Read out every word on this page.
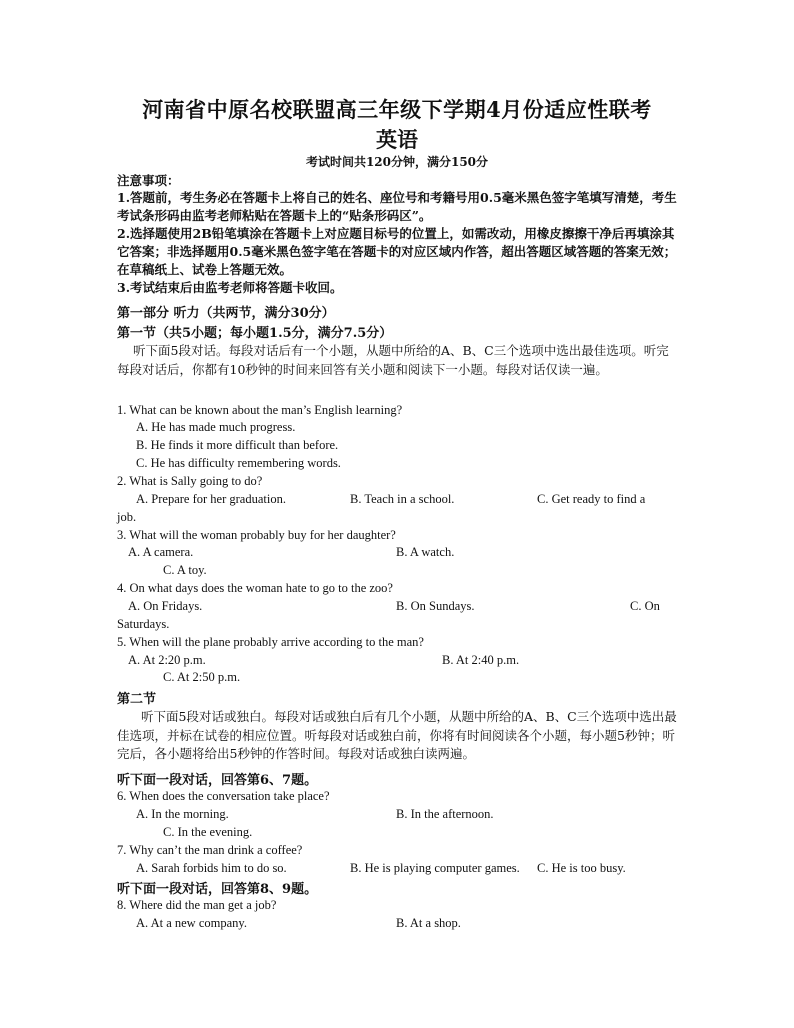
河南省中原名校联盟高三年级下学期4月份适应性联考
英语
考试时间共120分钟，满分150分
注意事项：
1.答题前，考生务必在答题卡上将自己的姓名、座位号和考籍号用0.5毫米黑色签字笔填写清楚，考生考试条形码由监考老师粘贴在答题卡上的“贴条形码区”。
2.选择题使用2B铅笔填涂在答题卡上对应题目标号的位置上，如需改动，用橡皮擦擦干净后再填涂其它答案；非选择题用0.5毫米黑色签字笔在答题卡的对应区域内作答，超出答题区域答题的答案无效；在草稿纸上、试卷上答题无效。
3.考试结束后由监考老师将答题卡收回。
第一部分 听力（共两节，满分30分）
第一节（共5小题；每小题1.5分，满分7.5分）
听下面5段对话。每段对话后有一个小题，从题中所给的A、B、C三个选项中选出最佳选项。听完每段对话后，你都有10秒钟的时间来回答有关小题和阅读下一小题。每段对话仅读一遍。
1. What can be known about the man’s English learning?
A. He has made much progress.
B. He finds it more difficult than before.
C. He has difficulty remembering words.
2. What is Sally going to do?
A. Prepare for her graduation.	B. Teach in a school.	C. Get ready to find a
job.
3. What will the woman probably buy for her daughter?
A. A camera.	B. A watch.
C. A toy.
4. On what days does the woman hate to go to the zoo?
A. On Fridays.	B. On Sundays.	C. On
Saturdays.
5. When will the plane probably arrive according to the man?
A. At 2:20 p.m.	B. At 2:40 p.m.
C. At 2:50 p.m.
第二节
听下面5段对话或独白。每段对话或独白后有几个小题，从题中所给的A、B、C三个选项中选出最佳选项，并标在试卷的相应位置。听每段对话或独白前，你将有时间阅读各个小题，每小题5秒钟；听完后，各小题将给出5秒钟的作答时间。每段对话或独白读两遍。
听下面一段对话，回答第6、7题。
6. When does the conversation take place?
A. In the morning.	B. In the afternoon.
C. In the evening.
7. Why can’t the man drink a coffee?
A. Sarah forbids him to do so.	B. He is playing computer games. C. He is too busy.
听下面一段对话，回答第8、9题。
8. Where did the man get a job?
A. At a new company.	B. At a shop.
